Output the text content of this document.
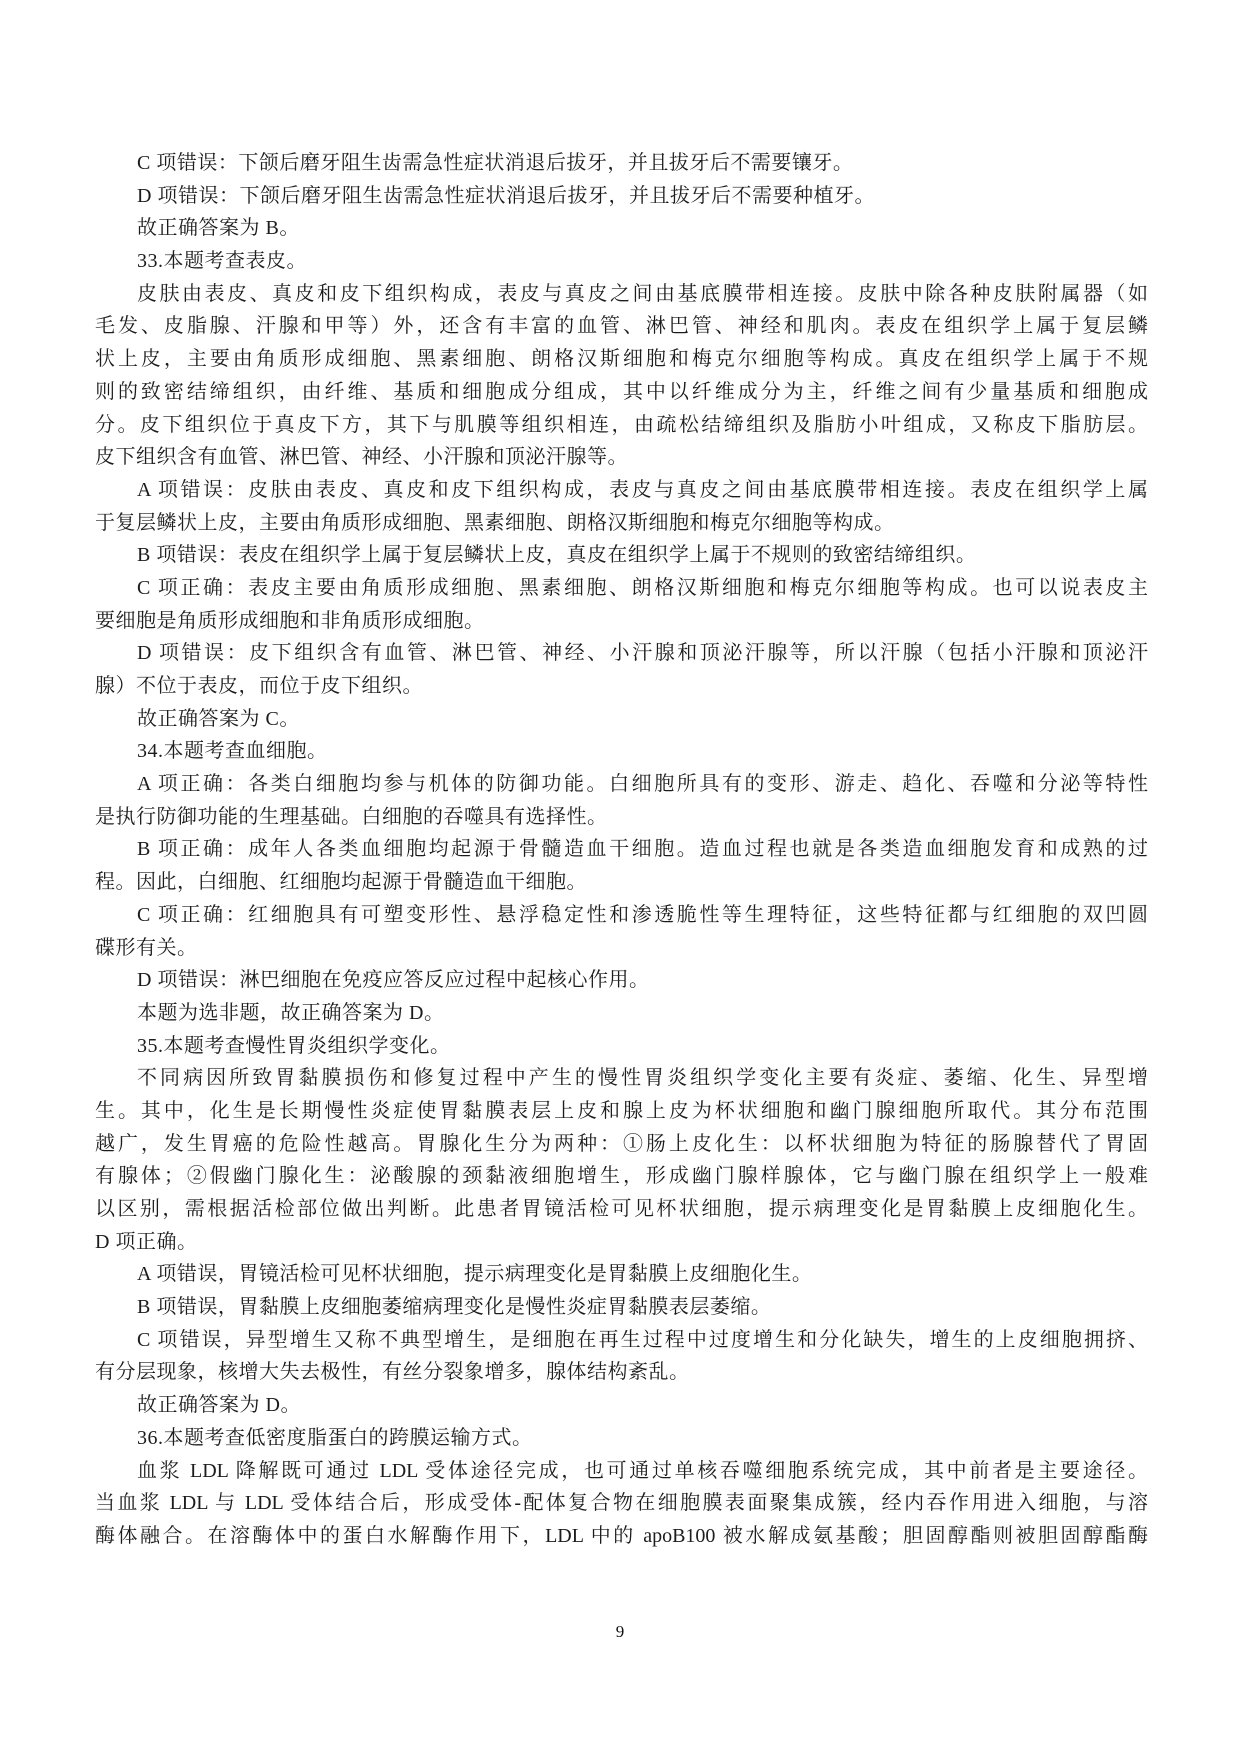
C 项错误：下颌后磨牙阻生齿需急性症状消退后拔牙，并且拔牙后不需要镶牙。
D 项错误：下颌后磨牙阻生齿需急性症状消退后拔牙，并且拔牙后不需要种植牙。
故正确答案为 B。
33.本题考查表皮。
皮肤由表皮、真皮和皮下组织构成，表皮与真皮之间由基底膜带相连接。皮肤中除各种皮肤附属器（如
毛发、皮脂腺、汗腺和甲等）外，还含有丰富的血管、淋巴管、神经和肌肉。表皮在组织学上属于复层鳞
状上皮，主要由角质形成细胞、黑素细胞、朗格汉斯细胞和梅克尔细胞等构成。真皮在组织学上属于不规
则的致密结缔组织，由纤维、基质和细胞成分组成，其中以纤维成分为主，纤维之间有少量基质和细胞成
分。皮下组织位于真皮下方，其下与肌膜等组织相连，由疏松结缔组织及脂肪小叶组成，又称皮下脂肪层。
皮下组织含有血管、淋巴管、神经、小汗腺和顶泌汗腺等。
A 项错误：皮肤由表皮、真皮和皮下组织构成，表皮与真皮之间由基底膜带相连接。表皮在组织学上属
于复层鳞状上皮，主要由角质形成细胞、黑素细胞、朗格汉斯细胞和梅克尔细胞等构成。
B 项错误：表皮在组织学上属于复层鳞状上皮，真皮在组织学上属于不规则的致密结缔组织。
C 项正确：表皮主要由角质形成细胞、黑素细胞、朗格汉斯细胞和梅克尔细胞等构成。也可以说表皮主
要细胞是角质形成细胞和非角质形成细胞。
D 项错误：皮下组织含有血管、淋巴管、神经、小汗腺和顶泌汗腺等，所以汗腺（包括小汗腺和顶泌汗
腺）不位于表皮，而位于皮下组织。
故正确答案为 C。
34.本题考查血细胞。
A 项正确：各类白细胞均参与机体的防御功能。白细胞所具有的变形、游走、趋化、吞噬和分泌等特性
是执行防御功能的生理基础。白细胞的吞噬具有选择性。
B 项正确：成年人各类血细胞均起源于骨髓造血干细胞。造血过程也就是各类造血细胞发育和成熟的过
程。因此，白细胞、红细胞均起源于骨髓造血干细胞。
C 项正确：红细胞具有可塑变形性、悬浮稳定性和渗透脆性等生理特征，这些特征都与红细胞的双凹圆
碟形有关。
D 项错误：淋巴细胞在免疫应答反应过程中起核心作用。
本题为选非题，故正确答案为 D。
35.本题考查慢性胃炎组织学变化。
不同病因所致胃黏膜损伤和修复过程中产生的慢性胃炎组织学变化主要有炎症、萎缩、化生、异型增
生。其中，化生是长期慢性炎症使胃黏膜表层上皮和腺上皮为杯状细胞和幽门腺细胞所取代。其分布范围
越广，发生胃癌的危险性越高。胃腺化生分为两种：①肠上皮化生：以杯状细胞为特征的肠腺替代了胃固
有腺体；②假幽门腺化生：泌酸腺的颈黏液细胞增生，形成幽门腺样腺体，它与幽门腺在组织学上一般难
以区别，需根据活检部位做出判断。此患者胃镜活检可见杯状细胞，提示病理变化是胃黏膜上皮细胞化生。
D 项正确。
A 项错误，胃镜活检可见杯状细胞，提示病理变化是胃黏膜上皮细胞化生。
B 项错误，胃黏膜上皮细胞萎缩病理变化是慢性炎症胃黏膜表层萎缩。
C 项错误，异型增生又称不典型增生，是细胞在再生过程中过度增生和分化缺失，增生的上皮细胞拥挤、
有分层现象，核增大失去极性，有丝分裂象增多，腺体结构紊乱。
故正确答案为 D。
36.本题考查低密度脂蛋白的跨膜运输方式。
血浆 LDL 降解既可通过 LDL 受体途径完成，也可通过单核吞噬细胞系统完成，其中前者是主要途径。
当血浆 LDL 与 LDL 受体结合后，形成受体-配体复合物在细胞膜表面聚集成簇，经内吞作用进入细胞，与溶
酶体融合。在溶酶体中的蛋白水解酶作用下，LDL 中的 apoB100 被水解成氨基酸；胆固醇酯则被胆固醇酯酶
9
